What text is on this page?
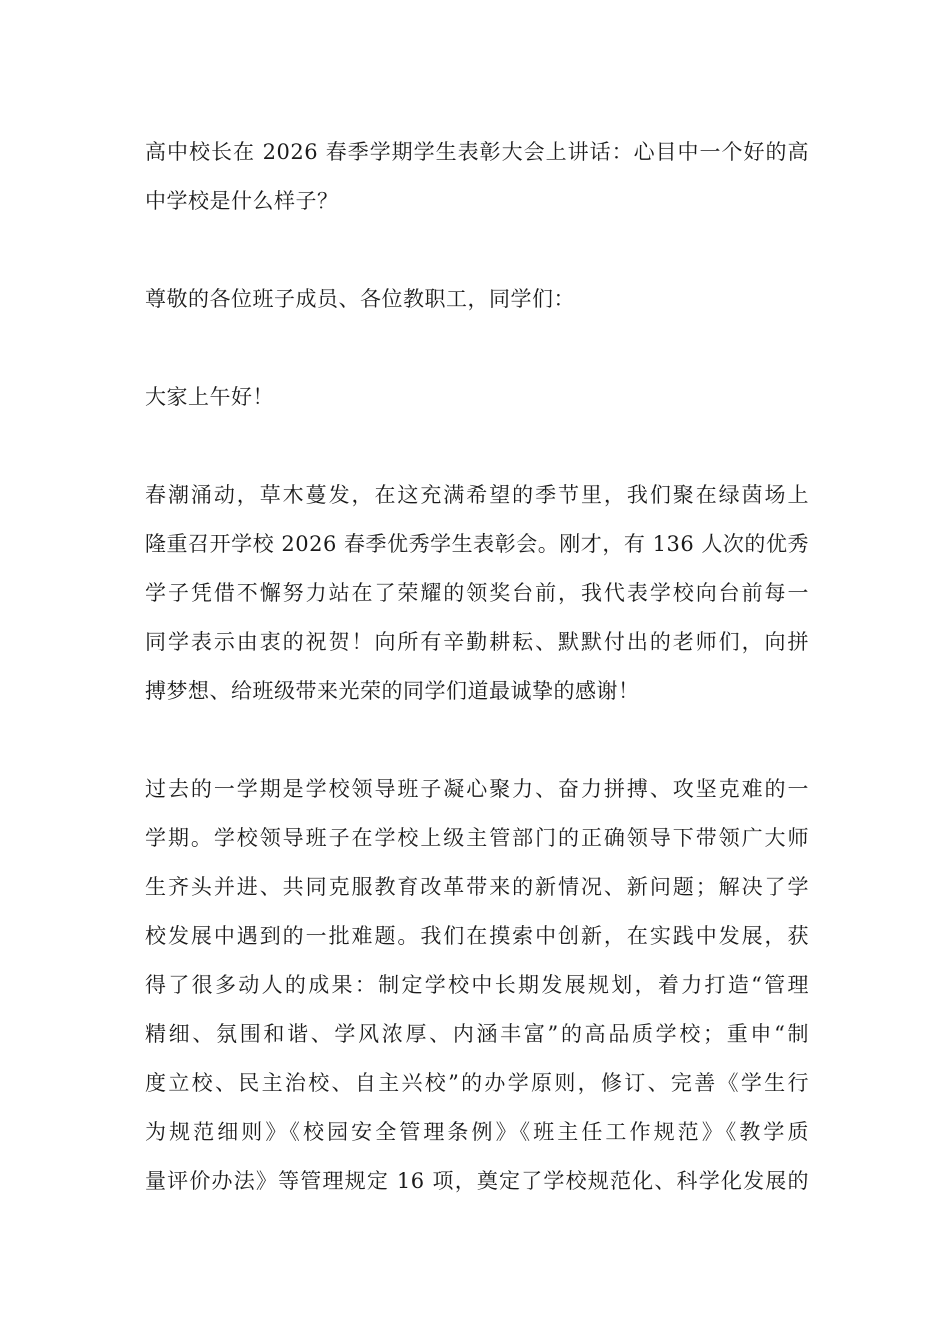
高中校长在 2026 春季学期学生表彰大会上讲话：心目中一个好的高
中学校是什么样子？
尊敬的各位班子成员、各位教职工，同学们：
大家上午好！
春潮涌动，草木蔓发，在这充满希望的季节里，我们聚在绿茵场上
隆重召开学校 2026 春季优秀学生表彰会。刚才，有 136 人次的优秀
学子凭借不懈努力站在了荣耀的领奖台前，我代表学校向台前每一
同学表示由衷的祝贺！向所有辛勤耕耘、默默付出的老师们，向拼
搏梦想、给班级带来光荣的同学们道最诚挚的感谢！
过去的一学期是学校领导班子凝心聚力、奋力拼搏、攻坚克难的一
学期。学校领导班子在学校上级主管部门的正确领导下带领广大师
生齐头并进、共同克服教育改革带来的新情况、新问题；解决了学
校发展中遇到的一批难题。我们在摸索中创新，在实践中发展，获
得了很多动人的成果：制定学校中长期发展规划，着力打造“管理
精细、氛围和谐、学风浓厚、内涵丰富”的高品质学校；重申“制
度立校、民主治校、自主兴校”的办学原则，修订、完善《学生行
为规范细则》《校园安全管理条例》《班主任工作规范》《教学质
量评价办法》等管理规定 16 项，奠定了学校规范化、科学化发展的
